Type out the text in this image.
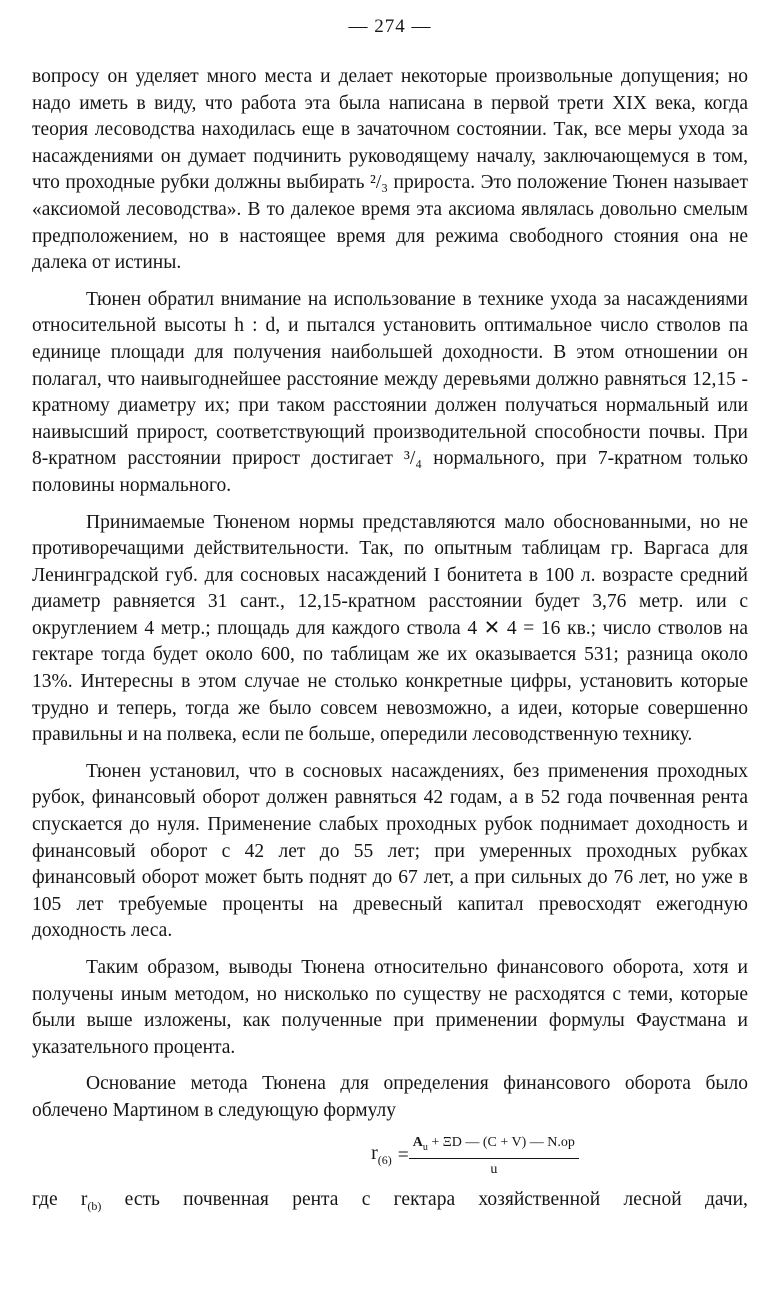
— 274 —

вопросу он уделяет много места и делает некоторые произвольные допущения; но надо иметь в виду, что работа эта была написана в первой трети XIX века, когда теория лесоводства находилась еще в зачаточном состоянии. Так, все меры ухода за насаждениями он думает подчинить руководящему началу, заключающемуся в том, что проходные рубки должны выбирать ²/₃ прироста. Это положение Тюнен называет «аксиомой лесоводства». В то далекое время эта аксиома являлась довольно смелым предположением, но в настоящее время для режима свободного стояния она не далека от истины.

Тюнен обратил внимание на использование в технике ухода за насаждениями относительной высоты h : d, и пытался установить оптимальное число стволов па единице площади для получения наибольшей доходности. В этом отношении он полагал, что наивыгоднейшее расстояние между деревьями должно равняться 12,15 - кратному диаметру их; при таком расстоянии должен получаться нормальный или наивысший прирост, соответствующий производительной способности почвы. При 8-кратном расстоянии прирост достигает ³/₄ нормального, при 7-кратном только половины нормального.

Принимаемые Тюненом нормы представляются мало обоснованными, но не противоречащими действительности. Так, по опытным таблицам гр. Варгаса для Ленинградской губ. для сосновых насаждений I бонитета в 100 л. возрасте средний диаметр равняется 31 сант., 12,15-кратном расстоянии будет 3,76 метр. или с округлением 4 метр.; площадь для каждого ствола 4 ✕ 4 = 16 кв.; число стволов на гектаре тогда будет около 600, по таблицам же их оказывается 531; разница около 13%. Интересны в этом случае не столько конкретные цифры, установить которые трудно и теперь, тогда же было совсем невозможно, а идеи, которые совершенно правильны и на полвека, если пе больше, опередили лесоводственную технику.

Тюнен установил, что в сосновых насаждениях, без применения проходных рубок, финансовый оборот должен равняться 42 годам, а в 52 года почвенная рента спускается до нуля. Применение слабых проходных рубок поднимает доходность и финансовый оборот с 42 лет до 55 лет; при умеренных проходных рубках финансовый оборот может быть поднят до 67 лет, а при сильных до 76 лет, но уже в 105 лет требуемые проценты на древесный капитал превосходят ежегодную доходность леса.

Таким образом, выводы Тюнена относительно финансового оборота, хотя и получены иным методом, но нисколько по существу не расходятся с теми, которые были выше изложены, как полученные при применении формулы Фаустмана и указательного процента.

Основание метода Тюнена для определения финансового оборота было облечено Мартином в следующую формулу

$r_{(6)} = \frac{A_u + \Xi D — (C + V) — N.op}{u}$
где $r_{(b)}$ есть почвенная рента с гектара хозяйственной лесной дачи,
